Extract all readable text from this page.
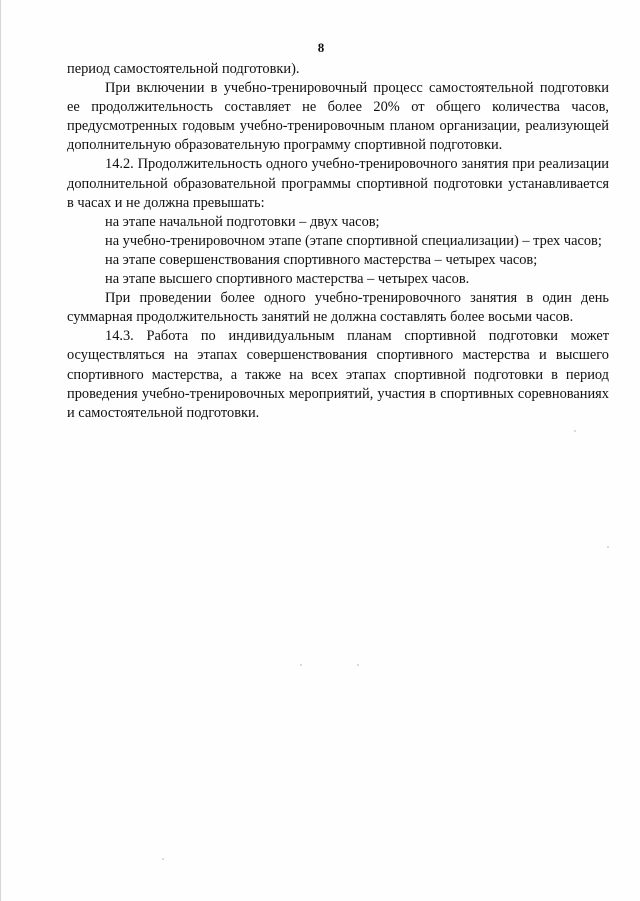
8

период самостоятельной подготовки).

При включении в учебно-тренировочный процесс самостоятельной подготовки ее продолжительность составляет не более 20% от общего количества часов, предусмотренных годовым учебно-тренировочным планом организации, реализующей дополнительную образовательную программу спортивной подготовки.

14.2. Продолжительность одного учебно-тренировочного занятия при реализации дополнительной образовательной программы спортивной подготовки устанавливается в часах и не должна превышать:

на этапе начальной подготовки – двух часов;

на учебно-тренировочном этапе (этапе спортивной специализации) – трех часов;

на этапе совершенствования спортивного мастерства – четырех часов;

на этапе высшего спортивного мастерства – четырех часов.

При проведении более одного учебно-тренировочного занятия в один день суммарная продолжительность занятий не должна составлять более восьми часов.

14.3. Работа по индивидуальным планам спортивной подготовки может осуществляться на этапах совершенствования спортивного мастерства и высшего спортивного мастерства, а также на всех этапах спортивной подготовки в период проведения учебно-тренировочных мероприятий, участия в спортивных соревнованиях и самостоятельной подготовки.
